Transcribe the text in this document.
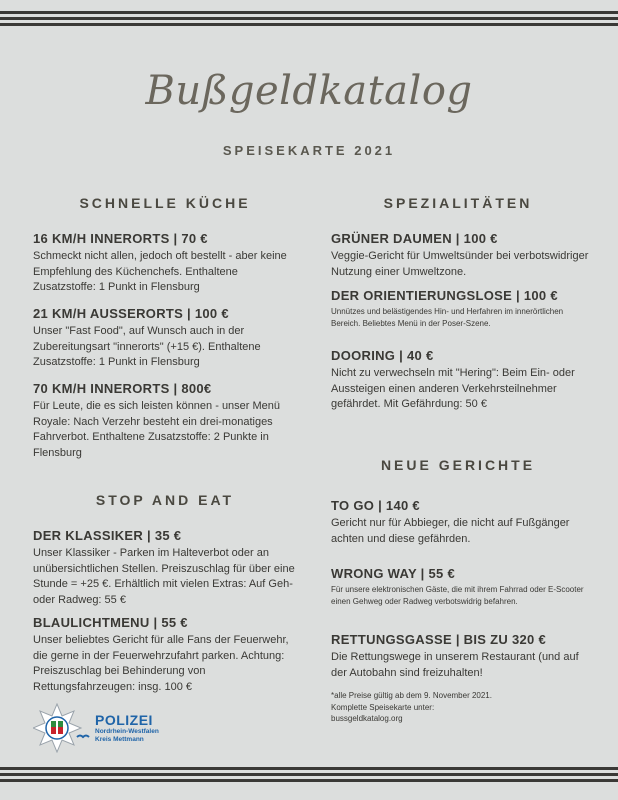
Bußgeldkatalog
SPEISEKARTE 2021
SCHNELLE KÜCHE
16 KM/H INNERORTS | 70 €
Schmeckt nicht allen, jedoch oft bestellt - aber keine Empfehlung des Küchenchefs. Enthaltene Zusatzstoffe: 1 Punkt in Flensburg
21 KM/H AUSSERORTS | 100 €
Unser "Fast Food", auf Wunsch auch in der Zubereitungsart "innerorts" (+15 €). Enthaltene Zusatzstoffe: 1 Punkt in Flensburg
70 KM/H INNERORTS | 800€
Für Leute, die es sich leisten können - unser Menü Royale: Nach Verzehr besteht ein drei-monatiges Fahrverbot. Enthaltene Zusatzstoffe: 2 Punkte in Flensburg
STOP AND EAT
DER KLASSIKER | 35 €
Unser Klassiker - Parken im Halteverbot oder an unübersichtlichen Stellen. Preiszuschlag für über eine Stunde = +25 €. Erhältlich mit vielen Extras: Auf Geh- oder Radweg: 55 €
BLAULICHTMENU | 55 €
Unser beliebtes Gericht für alle Fans der Feuerwehr, die gerne in der Feuerwehrzufahrt parken. Achtung: Preiszuschlag bei Behinderung von Rettungsfahrzeugen: insg. 100 €
SPEZIALITÄTEN
GRÜNER DAUMEN | 100 €
Veggie-Gericht für Umweltsünder bei verbotswidriger Nutzung einer Umweltzone.
DER ORIENTIERUNGSLOSE | 100 €
Unnützes und belästigendes Hin- und Herfahren im innerörtlichen Bereich. Beliebtes Menü in der Poser-Szene.
DOORING | 40 €
Nicht zu verwechseln mit "Hering": Beim Ein- oder Aussteigen einen anderen Verkehrsteilnehmer gefährdet. Mit Gefährdung: 50 €
NEUE GERICHTE
TO GO | 140 €
Gericht nur für Abbieger, die nicht auf Fußgänger achten und diese gefährden.
WRONG WAY | 55 €
Für unsere elektronischen Gäste, die mit ihrem Fahrrad oder E-Scooter einen Gehweg oder Radweg verbotswidrig befahren.
RETTUNGSGASSE | BIS ZU 320 €
Die Rettungswege in unserem Restaurant (und auf der Autobahn sind freizuhalten!
*alle Preise gültig ab dem 9. November 2021.
Komplette Speisekarte unter:
bussgeldkatalog.org
POLIZEI
Nordrhein-Westfalen
Kreis Mettmann
